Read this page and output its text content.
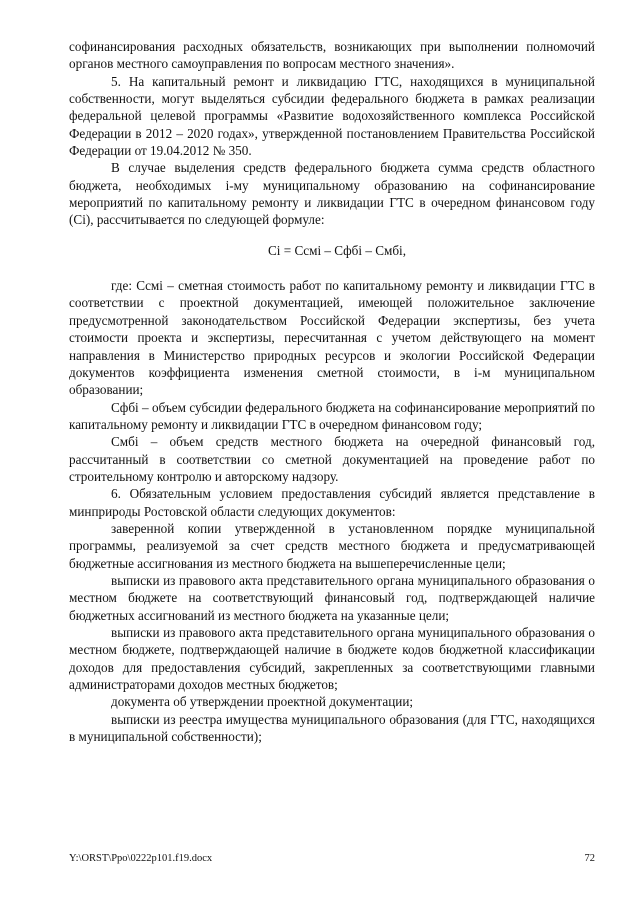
софинансирования расходных обязательств, возникающих при выполнении полномочий органов местного самоуправления по вопросам местного значения».

5. На капитальный ремонт и ликвидацию ГТС, находящихся в муниципальной собственности, могут выделяться субсидии федерального бюджета в рамках реализации федеральной целевой программы «Развитие водохозяйственного комплекса Российской Федерации в 2012 – 2020 годах», утвержденной постановлением Правительства Российской Федерации от 19.04.2012 № 350.

В случае выделения средств федерального бюджета сумма средств областного бюджета, необходимых i-му муниципальному образованию на софинансирование мероприятий по капитальному ремонту и ликвидации ГТС в очередном финансовом году (Ci), рассчитывается по следующей формуле:

Ci = Ccмi – Cфбi – Cмбi,

где: Ccмi – сметная стоимость работ по капитальному ремонту и ликвидации ГТС в соответствии с проектной документацией, имеющей положительное заключение предусмотренной законодательством Российской Федерации экспертизы, без учета стоимости проекта и экспертизы, пересчитанная с учетом действующего на момент направления в Министерство природных ресурсов и экологии Российской Федерации документов коэффициента изменения сметной стоимости, в i-м муниципальном образовании;

Cфбi – объем субсидии федерального бюджета на софинансирование мероприятий по капитальному ремонту и ликвидации ГТС в очередном финансовом году;

Cмбi – объем средств местного бюджета на очередной финансовый год, рассчитанный в соответствии со сметной документацией на проведение работ по строительному контролю и авторскому надзору.

6. Обязательным условием предоставления субсидий является представление в минприроды Ростовской области следующих документов:

заверенной копии утвержденной в установленном порядке муниципальной программы, реализуемой за счет средств местного бюджета и предусматривающей бюджетные ассигнования из местного бюджета на вышеперечисленные цели;

выписки из правового акта представительного органа муниципального образования о местном бюджете на соответствующий финансовый год, подтверждающей наличие бюджетных ассигнований из местного бюджета на указанные цели;

выписки из правового акта представительного органа муниципального образования о местном бюджете, подтверждающей наличие в бюджете кодов бюджетной классификации доходов для предоставления субсидий, закрепленных за соответствующими главными администраторами доходов местных бюджетов;

документа об утверждении проектной документации;

выписки из реестра имущества муниципального образования (для ГТС, находящихся в муниципальной собственности);

Y:\ORST\Ppo\0222p101.f19.docx	72
